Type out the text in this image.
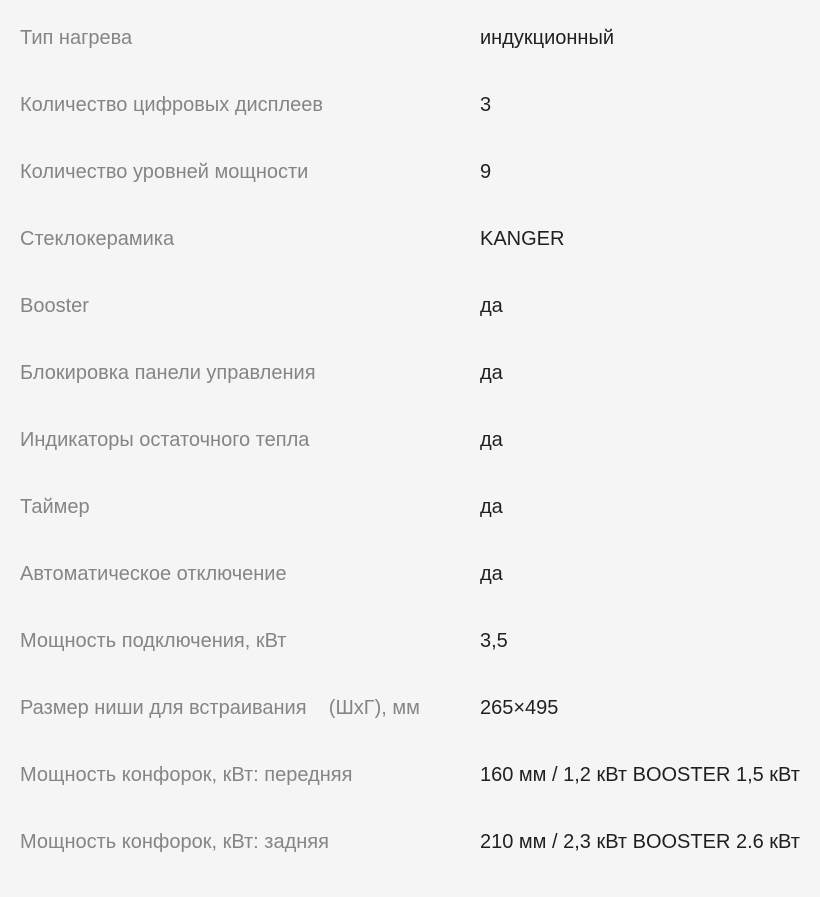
Тип нагрева	индукционный
Количество цифровых дисплеев	3
Количество уровней мощности	9
Стеклокерамика	KANGER
Booster	да
Блокировка панели управления	да
Индикаторы остаточного тепла	да
Таймер	да
Автоматическое отключение	да
Мощность подключения, кВт	3,5
Размер ниши для встраивания    (ШхГ), мм	265×495
Мощность конфорок, кВт: передняя	160 мм / 1,2 кВт BOOSTER 1,5 кВт
Мощность конфорок, кВт: задняя	210 мм / 2,3 кВт BOOSTER 2.6 кВт
